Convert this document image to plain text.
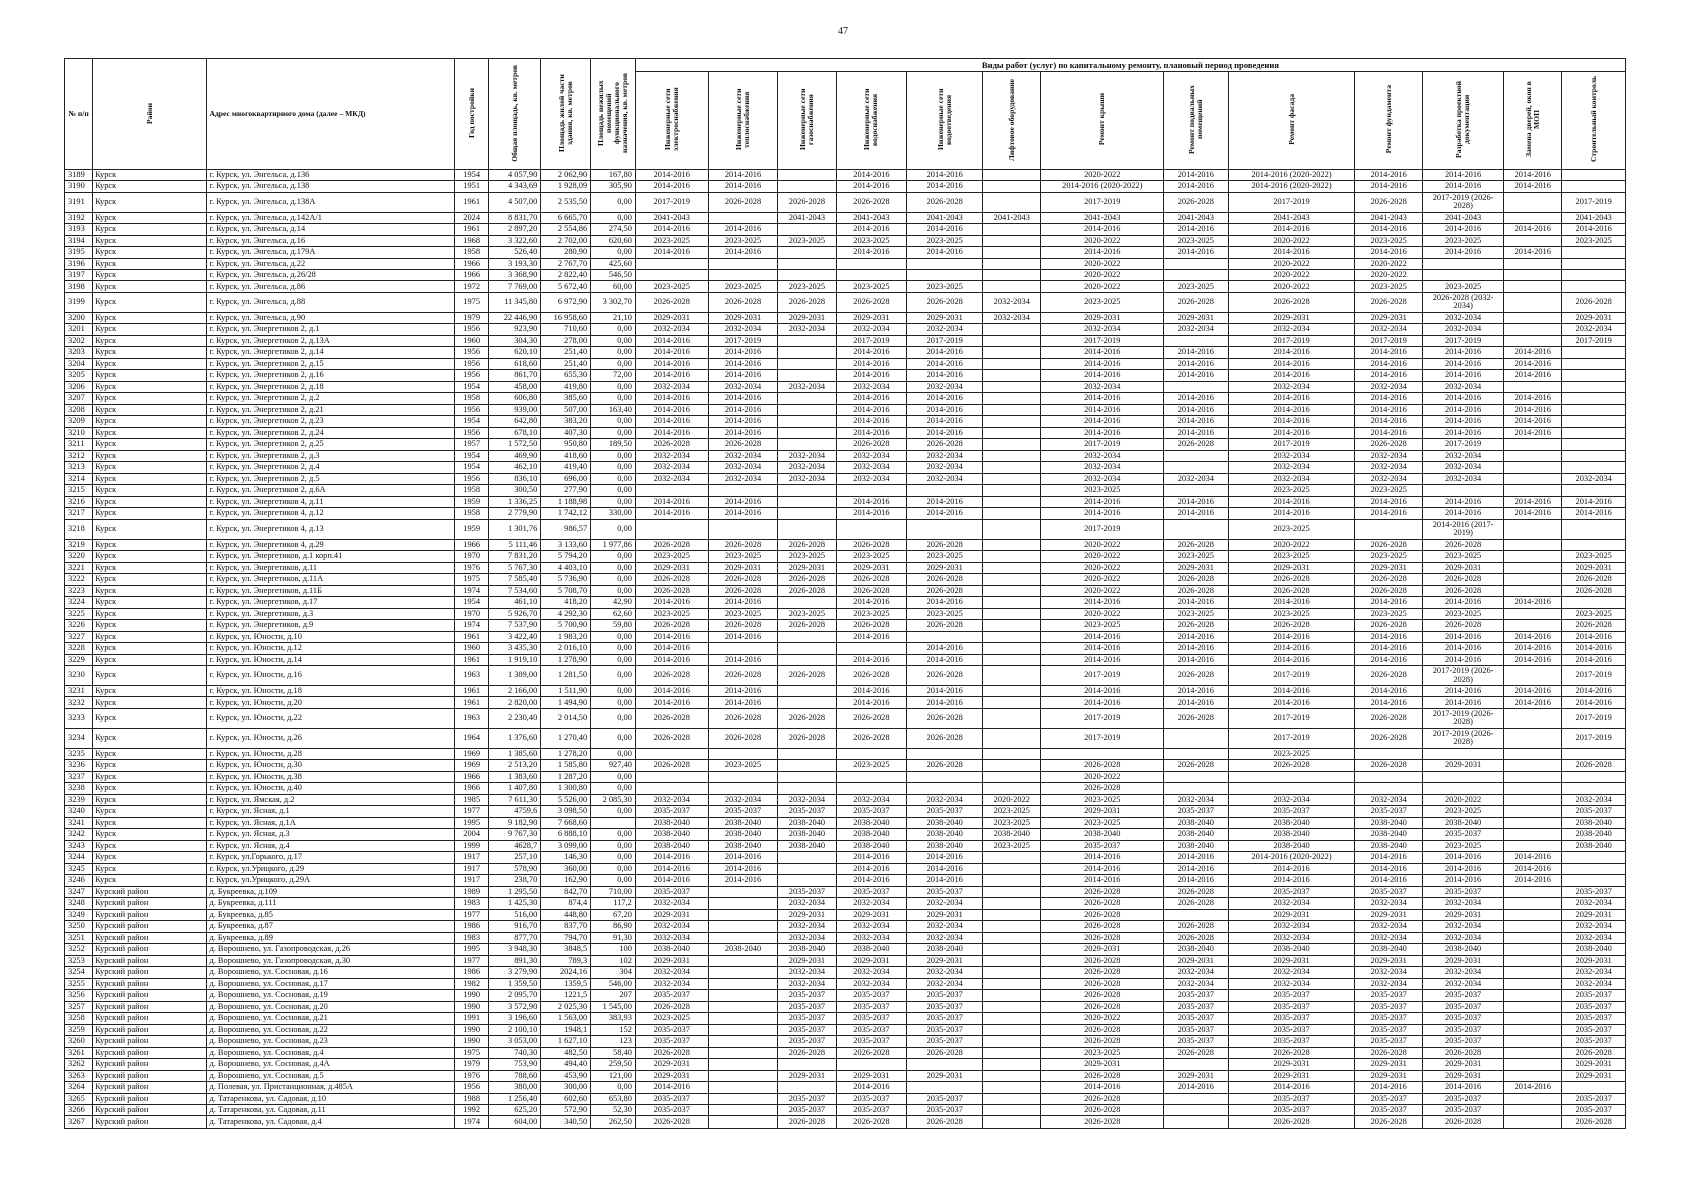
47
№ п/п	Район	Адрес многоквартирного дома (далее – МКД)	Год постройки	Общая площадь, кв. метров	Площадь жилой части здания, кв. метров	Площадь нежилых помещений функционального назначения, кв. метров	Виды работ (услуг) по капитальному ремонту, плановый период проведения												
							Инженерные сети электроснабжения	Инженерные сети теплоснабжения	Инженерные сети газоснабжения	Инженерные сети водоснабжения	Инженерные сети водоотведения	Лифтовое оборудование	Ремонт крыши	Ремонт подвальных помещений	Ремонт фасада	Ремонт фундамента	Разработка проектной документации	Замена дверей, окон в МОП	Строительный контроль
3189	Курск	г. Курск, ул. Энгельса, д.136	1954	4 057,90	2 062,90	167,80	2014-2016	2014-2016		2014-2016	2014-2016		2020-2022	2014-2016	2014-2016 (2020-2022)	2014-2016	2014-2016	2014-2016	
3190	Курск	г. Курск, ул. Энгельса, д.138	1951	4 343,69	1 928,09	305,90	2014-2016	2014-2016		2014-2016	2014-2016		2014-2016 (2020-2022)	2014-2016	2014-2016 (2020-2022)	2014-2016	2014-2016	2014-2016	
3191	Курск	г. Курск, ул. Энгельса, д.138А	1961	4 507,00	2 535,50	0,00	2017-2019	2026-2028	2026-2028	2026-2028	2026-2028		2017-2019	2026-2028	2017-2019	2026-2028	2017-2019 (2026-2028)		2017-2019
3192	Курск	г. Курск, ул. Энгельса, д.142А/1	2024	8 831,70	6 665,70	0,00	2041-2043		2041-2043	2041-2043	2041-2043	2041-2043	2041-2043	2041-2043	2041-2043	2041-2043	2041-2043		2041-2043
3193	Курск	г. Курск, ул. Энгельса, д.14	1961	2 897,20	2 554,86	274,50	2014-2016	2014-2016		2014-2016	2014-2016		2014-2016	2014-2016	2014-2016	2014-2016	2014-2016	2014-2016	2014-2016
3194	Курск	г. Курск, ул. Энгельса, д.16	1968	3 322,60	2 702,00	620,60	2023-2025	2023-2025	2023-2025	2023-2025	2023-2025		2020-2022	2023-2025	2020-2022	2023-2025	2023-2025		2023-2025
3195	Курск	г. Курск, ул. Энгельса, д.179А	1958	526,40	280,90	0,00	2014-2016	2014-2016		2014-2016	2014-2016		2014-2016	2014-2016	2014-2016	2014-2016	2014-2016	2014-2016	
3196	Курск	г. Курск, ул. Энгельса, д.22	1966	3 193,30	2 767,70	425,60							2020-2022		2020-2022	2020-2022			
3197	Курск	г. Курск, ул. Энгельса, д.26/28	1966	3 368,90	2 822,40	546,50							2020-2022		2020-2022	2020-2022			
3198	Курск	г. Курск, ул. Энгельса, д.86	1972	7 769,00	5 672,40	60,00	2023-2025	2023-2025	2023-2025	2023-2025	2023-2025		2020-2022	2023-2025	2020-2022	2023-2025	2023-2025		
3199	Курск	г. Курск, ул. Энгельса, д.88	1975	11 345,80	6 972,90	3 302,70	2026-2028	2026-2028	2026-2028	2026-2028	2026-2028	2032-2034	2023-2025	2026-2028	2026-2028	2026-2028	2026-2028 (2032-2034)		2026-2028
3200	Курск	г. Курск, ул. Энгельса, д.90	1979	22 446,90	16 958,60	21,10	2029-2031	2029-2031	2029-2031	2029-2031	2029-2031	2032-2034	2029-2031	2029-2031	2029-2031	2029-2031	2032-2034		2029-2031
3201	Курск	г. Курск, ул. Энергетиков 2, д.1	1956	923,90	710,60	0,00	2032-2034	2032-2034	2032-2034	2032-2034	2032-2034		2032-2034	2032-2034	2032-2034	2032-2034	2032-2034		2032-2034
3202	Курск	г. Курск, ул. Энергетиков 2, д.13А	1960	304,30	278,00	0,00	2014-2016	2017-2019		2017-2019	2017-2019		2017-2019		2017-2019	2017-2019	2017-2019		2017-2019
3203	Курск	г. Курск, ул. Энергетиков 2, д.14	1956	620,10	251,40	0,00	2014-2016	2014-2016		2014-2016	2014-2016		2014-2016	2014-2016	2014-2016	2014-2016	2014-2016	2014-2016	
3204	Курск	г. Курск, ул. Энергетиков 2, д.15	1956	618,60	251,40	0,00	2014-2016	2014-2016		2014-2016	2014-2016		2014-2016	2014-2016	2014-2016	2014-2016	2014-2016	2014-2016	
3205	Курск	г. Курск, ул. Энергетиков 2, д.16	1956	861,70	655,30	72,00	2014-2016	2014-2016		2014-2016	2014-2016		2014-2016	2014-2016	2014-2016	2014-2016	2014-2016	2014-2016	
3206	Курск	г. Курск, ул. Энергетиков 2, д.18	1954	458,00	419,80	0,00	2032-2034	2032-2034	2032-2034	2032-2034	2032-2034		2032-2034		2032-2034	2032-2034	2032-2034		
3207	Курск	г. Курск, ул. Энергетиков 2, д.2	1958	606,80	385,60	0,00	2014-2016	2014-2016		2014-2016	2014-2016		2014-2016	2014-2016	2014-2016	2014-2016	2014-2016	2014-2016	
3208	Курск	г. Курск, ул. Энергетиков 2, д.21	1956	939,00	507,00	163,40	2014-2016	2014-2016		2014-2016	2014-2016		2014-2016	2014-2016	2014-2016	2014-2016	2014-2016	2014-2016	
3209	Курск	г. Курск, ул. Энергетиков 2, д.23	1954	642,80	383,20	0,00	2014-2016	2014-2016		2014-2016	2014-2016		2014-2016	2014-2016	2014-2016	2014-2016	2014-2016	2014-2016	
3210	Курск	г. Курск, ул. Энергетиков 2, д.24	1956	678,10	407,30	0,00	2014-2016	2014-2016		2014-2016	2014-2016		2014-2016	2014-2016	2014-2016	2014-2016	2014-2016	2014-2016	
3211	Курск	г. Курск, ул. Энергетиков 2, д.25	1957	1 572,50	950,80	189,50	2026-2028	2026-2028		2026-2028	2026-2028		2017-2019	2026-2028	2017-2019	2026-2028	2017-2019		
3212	Курск	г. Курск, ул. Энергетиков 2, д.3	1954	469,90	418,60	0,00	2032-2034	2032-2034	2032-2034	2032-2034	2032-2034		2032-2034		2032-2034	2032-2034	2032-2034		
3213	Курск	г. Курск, ул. Энергетиков 2, д.4	1954	462,10	419,40	0,00	2032-2034	2032-2034	2032-2034	2032-2034	2032-2034		2032-2034		2032-2034	2032-2034	2032-2034		
3214	Курск	г. Курск, ул. Энергетиков 2, д.5	1956	836,10	696,00	0,00	2032-2034	2032-2034	2032-2034	2032-2034	2032-2034		2032-2034	2032-2034	2032-2034	2032-2034	2032-2034		2032-2034
3215	Курск	г. Курск, ул. Энергетиков 2, д.6А	1958	300,50	277,90	0,00							2023-2025		2023-2025	2023-2025			
3216	Курск	г. Курск, ул. Энергетиков 4, д.11	1959	1 336,25	1 188,98	0,00	2014-2016	2014-2016		2014-2016	2014-2016		2014-2016	2014-2016	2014-2016	2014-2016	2014-2016	2014-2016	2014-2016
3217	Курск	г. Курск, ул. Энергетиков 4, д.12	1958	2 779,90	1 742,12	330,00	2014-2016	2014-2016		2014-2016	2014-2016		2014-2016	2014-2016	2014-2016	2014-2016	2014-2016	2014-2016	2014-2016
3218	Курск	г. Курск, ул. Энергетиков 4, д.13	1959	1 301,76	986,57	0,00							2017-2019		2023-2025		2014-2016 (2017-2019)		
3219	Курск	г. Курск, ул. Энергетиков 4, д.29	1966	5 111,46	3 133,60	1 977,86	2026-2028	2026-2028	2026-2028	2026-2028	2026-2028		2020-2022	2026-2028	2020-2022	2026-2028	2026-2028		
3220	Курск	г. Курск, ул. Энергетиков, д.1 корп.41	1970	7 831,20	5 794,20	0,00	2023-2025	2023-2025	2023-2025	2023-2025	2023-2025		2020-2022	2023-2025	2023-2025	2023-2025	2023-2025		2023-2025
3221	Курск	г. Курск, ул. Энергетиков, д.11	1976	5 767,30	4 403,10	0,00	2029-2031	2029-2031	2029-2031	2029-2031	2029-2031		2020-2022	2029-2031	2029-2031	2029-2031	2029-2031		2029-2031
3222	Курск	г. Курск, ул. Энергетиков, д.11А	1975	7 585,40	5 736,90	0,00	2026-2028	2026-2028	2026-2028	2026-2028	2026-2028		2020-2022	2026-2028	2026-2028	2026-2028	2026-2028		2026-2028
3223	Курск	г. Курск, ул. Энергетиков, д.11Б	1974	7 534,60	5 708,70	0,00	2026-2028	2026-2028	2026-2028	2026-2028	2026-2028		2020-2022	2026-2028	2026-2028	2026-2028	2026-2028		2026-2028
3224	Курск	г. Курск, ул. Энергетиков, д.17	1954	461,10	418,20	42,90	2014-2016	2014-2016		2014-2016	2014-2016		2014-2016	2014-2016	2014-2016	2014-2016	2014-2016	2014-2016	
3225	Курск	г. Курск, ул. Энергетиков, д.3	1970	5 926,70	4 292,30	62,60	2023-2025	2023-2025	2023-2025	2023-2025	2023-2025		2020-2022	2023-2025	2023-2025	2023-2025	2023-2025		2023-2025
3226	Курск	г. Курск, ул. Энергетиков, д.9	1974	7 537,90	5 700,90	59,80	2026-2028	2026-2028	2026-2028	2026-2028	2026-2028		2023-2025	2026-2028	2026-2028	2026-2028	2026-2028		2026-2028
3227	Курск	г. Курск, ул. Юности, д.10	1961	3 422,40	1 983,20	0,00	2014-2016	2014-2016		2014-2016			2014-2016	2014-2016	2014-2016	2014-2016	2014-2016	2014-2016	2014-2016
3228	Курск	г. Курск, ул. Юности, д.12	1960	3 435,30	2 016,10	0,00	2014-2016				2014-2016		2014-2016	2014-2016	2014-2016	2014-2016	2014-2016	2014-2016	2014-2016
3229	Курск	г. Курск, ул. Юности, д.14	1961	1 919,10	1 278,90	0,00	2014-2016	2014-2016		2014-2016	2014-2016		2014-2016	2014-2016	2014-2016	2014-2016	2014-2016	2014-2016	2014-2016
3230	Курск	г. Курск, ул. Юности, д.16	1963	1 389,00	1 281,50	0,00	2026-2028	2026-2028	2026-2028	2026-2028	2026-2028		2017-2019	2026-2028	2017-2019	2026-2028	2017-2019 (2026-2028)		2017-2019
3231	Курск	г. Курск, ул. Юности, д.18	1961	2 166,00	1 511,90	0,00	2014-2016	2014-2016		2014-2016	2014-2016		2014-2016	2014-2016	2014-2016	2014-2016	2014-2016	2014-2016	2014-2016
3232	Курск	г. Курск, ул. Юности, д.20	1961	2 820,00	1 494,90	0,00	2014-2016	2014-2016		2014-2016	2014-2016		2014-2016	2014-2016	2014-2016	2014-2016	2014-2016	2014-2016	2014-2016
3233	Курск	г. Курск, ул. Юности, д.22	1963	2 230,40	2 014,50	0,00	2026-2028	2026-2028	2026-2028	2026-2028	2026-2028		2017-2019	2026-2028	2017-2019	2026-2028	2017-2019 (2026-2028)		2017-2019
3234	Курск	г. Курск, ул. Юности, д.26	1964	1 376,60	1 270,40	0,00	2026-2028	2026-2028	2026-2028	2026-2028	2026-2028		2017-2019		2017-2019	2026-2028	2017-2019 (2026-2028)		2017-2019
3235	Курск	г. Курск, ул. Юности, д.28	1969	1 385,60	1 278,20	0,00									2023-2025				
3236	Курск	г. Курск, ул. Юности, д.30	1969	2 513,20	1 585,80	927,40	2026-2028	2023-2025		2023-2025	2026-2028		2026-2028	2026-2028	2026-2028	2026-2028	2029-2031		2026-2028
3237	Курск	г. Курск, ул. Юности, д.38	1966	1 383,60	1 287,20	0,00							2020-2022						
3238	Курск	г. Курск, ул. Юности, д.40	1966	1 407,80	1 300,80	0,00							2026-2028						
3239	Курск	г. Курск, ул. Ямская, д.2	1985	7 611,30	5 526,00	2 085,30	2032-2034	2032-2034	2032-2034	2032-2034	2032-2034	2020-2022	2023-2025	2032-2034	2032-2034	2032-2034	2020-2022		2032-2034
3240	Курск	г. Курск, ул. Ясная, д.1	1977	4759,6	3 098,50	0,00	2035-2037	2035-2037	2035-2037	2035-2037	2035-2037	2023-2025	2029-2031	2035-2037	2035-2037	2035-2037	2023-2025		2035-2037
3241	Курск	г. Курск, ул. Ясная, д.1А	1995	9 182,90	7 668,60		2038-2040	2038-2040	2038-2040	2038-2040	2038-2040	2023-2025	2023-2025	2038-2040	2038-2040	2038-2040	2038-2040		2038-2040
3242	Курск	г. Курск, ул. Ясная, д.3	2004	9 767,30	6 888,10	0,00	2038-2040	2038-2040	2038-2040	2038-2040	2038-2040	2038-2040	2038-2040	2038-2040	2038-2040	2038-2040	2035-2037		2038-2040
3243	Курск	г. Курск, ул. Ясная, д.4	1999	4628,7	3 099,00	0,00	2038-2040	2038-2040	2038-2040	2038-2040	2038-2040	2023-2025	2035-2037	2038-2040	2038-2040	2038-2040	2023-2025		2038-2040
3244	Курск	г. Курск, ул.Горького, д.17	1917	257,10	146,30	0,00	2014-2016	2014-2016		2014-2016	2014-2016		2014-2016	2014-2016	2014-2016 (2020-2022)	2014-2016	2014-2016	2014-2016	
3245	Курск	г. Курск, ул.Урицкого, д.29	1917	578,90	360,00	0,00	2014-2016	2014-2016		2014-2016	2014-2016		2014-2016	2014-2016	2014-2016	2014-2016	2014-2016	2014-2016	
3246	Курск	г. Курск, ул.Урицкого, д.29А	1917	238,70	162,90	0,00	2014-2016	2014-2016		2014-2016	2014-2016		2014-2016	2014-2016	2014-2016	2014-2016	2014-2016	2014-2016	
3247	Курский район	д. Букреевка, д.109	1989	1 295,50	842,70	710,00	2035-2037		2035-2037	2035-2037	2035-2037		2026-2028	2026-2028	2035-2037	2035-2037	2035-2037		2035-2037
3248	Курский район	д. Букреевка, д.111	1983	1 425,30	874,4	117,2	2032-2034		2032-2034	2032-2034	2032-2034		2026-2028	2026-2028	2032-2034	2032-2034	2032-2034		2032-2034
3249	Курский район	д. Букреевка, д.85	1977	516,00	448,80	67,20	2029-2031		2029-2031	2029-2031	2029-2031		2026-2028		2029-2031	2029-2031	2029-2031		2029-2031
3250	Курский район	д. Букреевка, д.87	1986	916,70	837,70	86,90	2032-2034		2032-2034	2032-2034	2032-2034		2026-2028	2026-2028	2032-2034	2032-2034	2032-2034		2032-2034
3251	Курский район	д. Букреевка, д.89	1983	877,70	794,70	91,30	2032-2034		2032-2034	2032-2034	2032-2034		2026-2028	2026-2028	2032-2034	2032-2034	2032-2034		2032-2034
3252	Курский район	д. Ворошнево, ул. Газопроводская, д.26	1995	3 948,30	3848,5	100	2038-2040	2038-2040	2038-2040	2038-2040	2038-2040		2029-2031	2038-2040	2038-2040	2038-2040	2038-2040		2038-2040
3253	Курский район	д. Ворошнево, ул. Газопроводская, д.30	1977	891,30	789,3	102	2029-2031		2029-2031	2029-2031	2029-2031		2026-2028	2029-2031	2029-2031	2029-2031	2029-2031		2029-2031
3254	Курский район	д. Ворошнево, ул. Сосновая, д.16	1986	3 279,90	2024,16	304	2032-2034		2032-2034	2032-2034	2032-2034		2026-2028	2032-2034	2032-2034	2032-2034	2032-2034		2032-2034
3255	Курский район	д. Ворошнево, ул. Сосновая, д.17	1982	1 359,50	1359,5	546,00	2032-2034		2032-2034	2032-2034	2032-2034		2026-2028	2032-2034	2032-2034	2032-2034	2032-2034		2032-2034
3256	Курский район	д. Ворошнево, ул. Сосновая, д.19	1990	2 095,70	1221,5	207	2035-2037		2035-2037	2035-2037	2035-2037		2026-2028	2035-2037	2035-2037	2035-2037	2035-2037		2035-2037
3257	Курский район	д. Ворошнево, ул. Сосновая, д.20	1990	3 572,90	2 025,30	1 545,00	2026-2028		2035-2037	2035-2037	2035-2037		2026-2028	2035-2037	2035-2037	2035-2037	2035-2037		2035-2037
3258	Курский район	д. Ворошнево, ул. Сосновая, д.21	1991	3 196,60	1 563,00	383,93	2023-2025		2035-2037	2035-2037	2035-2037		2020-2022	2035-2037	2035-2037	2035-2037	2035-2037		2035-2037
3259	Курский район	д. Ворошнево, ул. Сосновая, д.22	1990	2 100,10	1948,1	152	2035-2037		2035-2037	2035-2037	2035-2037		2026-2028	2035-2037	2035-2037	2035-2037	2035-2037		2035-2037
3260	Курский район	д. Ворошнево, ул. Сосновая, д.23	1990	3 053,00	1 627,10	123	2035-2037		2035-2037	2035-2037	2035-2037		2026-2028	2035-2037	2035-2037	2035-2037	2035-2037		2035-2037
3261	Курский район	д. Ворошнево, ул. Сосновая, д.4	1975	740,30	482,50	58,40	2026-2028		2026-2028	2026-2028	2026-2028		2023-2025	2026-2028	2026-2028	2026-2028	2026-2028		2026-2028
3262	Курский район	д. Ворошнево, ул. Сосновая, д.4А	1979	753,90	494,40	259,50	2029-2031						2029-2031		2029-2031	2029-2031	2029-2031		2029-2031
3263	Курский район	д. Ворошнево, ул. Сосновая, д.5	1976	788,60	453,90	121,00	2029-2031		2029-2031	2029-2031	2029-2031		2026-2028	2029-2031	2029-2031	2029-2031	2029-2031		2029-2031
3264	Курский район	д. Полевая, ул. Пристанционная, д.485А	1956	380,00	300,00	0,00	2014-2016			2014-2016			2014-2016	2014-2016	2014-2016	2014-2016	2014-2016	2014-2016	
3265	Курский район	д. Татаренкова, ул. Садовая, д.10	1988	1 256,40	602,60	653,80	2035-2037		2035-2037	2035-2037	2035-2037		2026-2028		2035-2037	2035-2037	2035-2037		2035-2037
3266	Курский район	д. Татаренкова, ул. Садовая, д.11	1992	625,20	572,90	52,30	2035-2037		2035-2037	2035-2037	2035-2037		2026-2028		2035-2037	2035-2037	2035-2037		2035-2037
3267	Курский район	д. Татаренкова, ул. Садовая, д.4	1974	604,00	340,50	262,50	2026-2028		2026-2028	2026-2028	2026-2028		2026-2028		2026-2028	2026-2028	2026-2028		2026-2028
